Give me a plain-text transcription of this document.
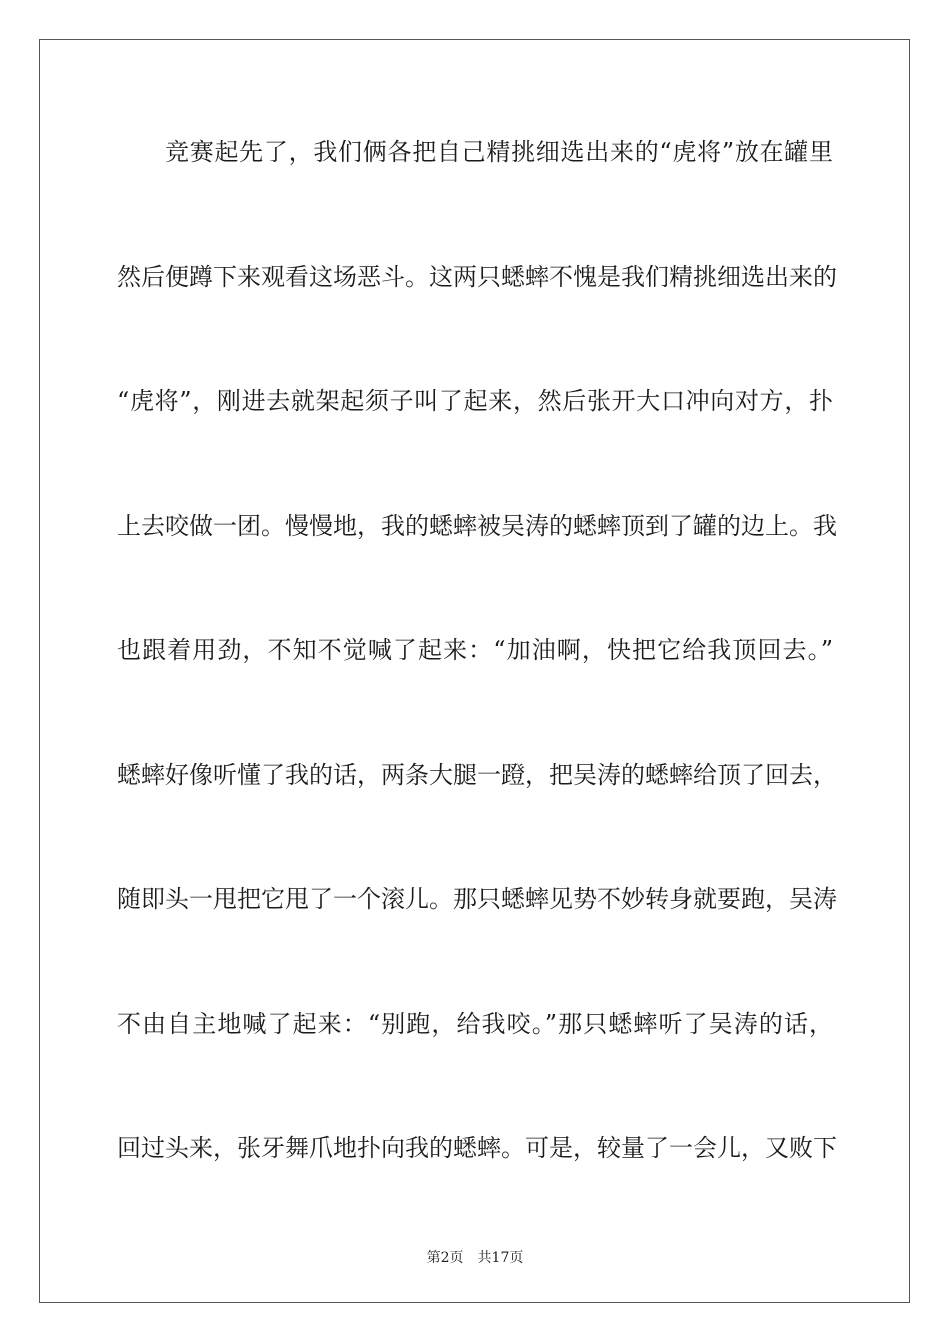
竞赛起先了，我们俩各把自己精挑细选出来的“虎将”放在罐里
然后便蹲下来观看这场恶斗。这两只蟋蟀不愧是我们精挑细选出来的
“虎将”，刚进去就架起须子叫了起来，然后张开大口冲向对方，扑
上去咬做一团。慢慢地，我的蟋蟀被吴涛的蟋蟀顶到了罐的边上。我
也跟着用劲，不知不觉喊了起来：“加油啊，快把它给我顶回去。”
蟋蟀好像听懂了我的话，两条大腿一蹬，把吴涛的蟋蟀给顶了回去，
随即头一甩把它甩了一个滚儿。那只蟋蟀见势不妙转身就要跑，吴涛
不由自主地喊了起来：“别跑，给我咬。”那只蟋蟀听了吴涛的话，
回过头来，张牙舞爪地扑向我的蟋蟀。可是，较量了一会儿，又败下
第2页 共17页
